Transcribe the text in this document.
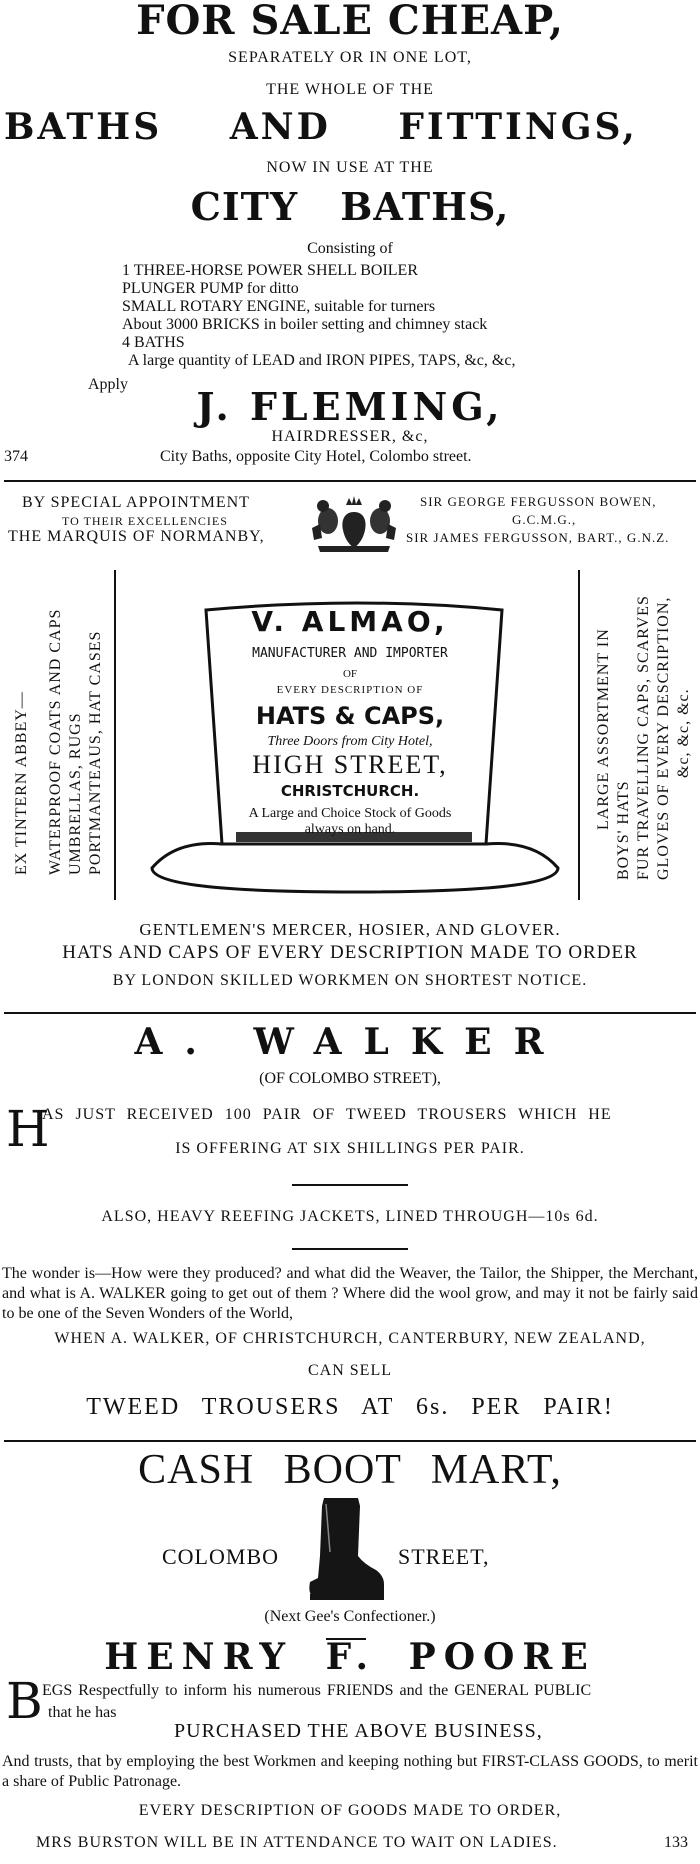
FOR SALE CHEAP,
SEPARATELY OR IN ONE LOT,
THE WHOLE OF THE
BATHS AND FITTINGS,
NOW IN USE AT THE
CITY BATHS,
Consisting of
1 THREE-HORSE POWER SHELL BOILER
PLUNGER PUMP for ditto
SMALL ROTARY ENGINE, suitable for turners
About 3000 BRICKS in boiler setting and chimney stack
4 BATHS
A large quantity of LEAD and IRON PIPES, TAPS, &c, &c,
Apply	J. FLEMING,
HAIRDRESSER, &c,
374	City Baths, opposite City Hotel, Colombo street.
BY SPECIAL APPOINTMENT
TO THEIR EXCELLENCIES
THE MARQUIS OF NORMANBY,
SIR GEORGE FERGUSSON BOWEN,
G.C.M.G.,
SIR JAMES FERGUSSON, BART., G.N.Z.
EX TINTERN ABBEY— WATERPROOF COATS AND CAPS UMBRELLAS, RUGS PORTMANTEAUS, HAT CASES
V. ALMAO,
MANUFACTURER AND IMPORTER
OF
EVERY DESCRIPTION OF
HATS & CAPS,
Three Doors from City Hotel,
HIGH STREET,
CHRISTCHURCH.
A Large and Choice Stock of Goods
always on hand.	LARGE ASSORTMENT IN
BOYS' HATS FUR TRAVELLING CAPS, SCARVES GLOVES OF EVERY DESCRIPTION, &c, &c, &c.
GENTLEMEN'S MERCER, HOSIER, AND GLOVER.
HATS AND CAPS OF EVERY DESCRIPTION MADE TO ORDER
BY LONDON SKILLED WORKMEN ON SHORTEST NOTICE.
A. WALKER
(OF COLOMBO STREET),
H
AS JUST RECEIVED 100 PAIR OF TWEED TROUSERS WHICH HE
IS OFFERING AT SIX SHILLINGS PER PAIR.
ALSO, HEAVY REEFING JACKETS, LINED THROUGH—10s 6d.
The wonder is—How were they produced? and what did the Weaver, the Tailor, the Shipper, the Merchant, and what is A. WALKER going to get out of them ? Where did the wool grow, and may it not be fairly said to be one of the Seven Wonders of the World,
WHEN A. WALKER, OF CHRISTCHURCH, CANTERBURY, NEW ZEALAND,
CAN SELL
TWEED TROUSERS AT 6s. PER PAIR!
CASH BOOT MART,
COLOMBO	STREET,
(Next Gee's Confectioner.)
HENRY F. POORE
B EGS Respectfully to inform his numerous FRIENDS and the GENERAL PUBLIC
that he has
PURCHASED THE ABOVE BUSINESS,
And trusts, that by employing the best Workmen and keeping nothing but FIRST-CLASS GOODS, to merit a share of Public Patronage.
EVERY DESCRIPTION OF GOODS MADE TO ORDER,
MRS BURSTON WILL BE IN ATTENDANCE TO WAIT ON LADIES.	133
